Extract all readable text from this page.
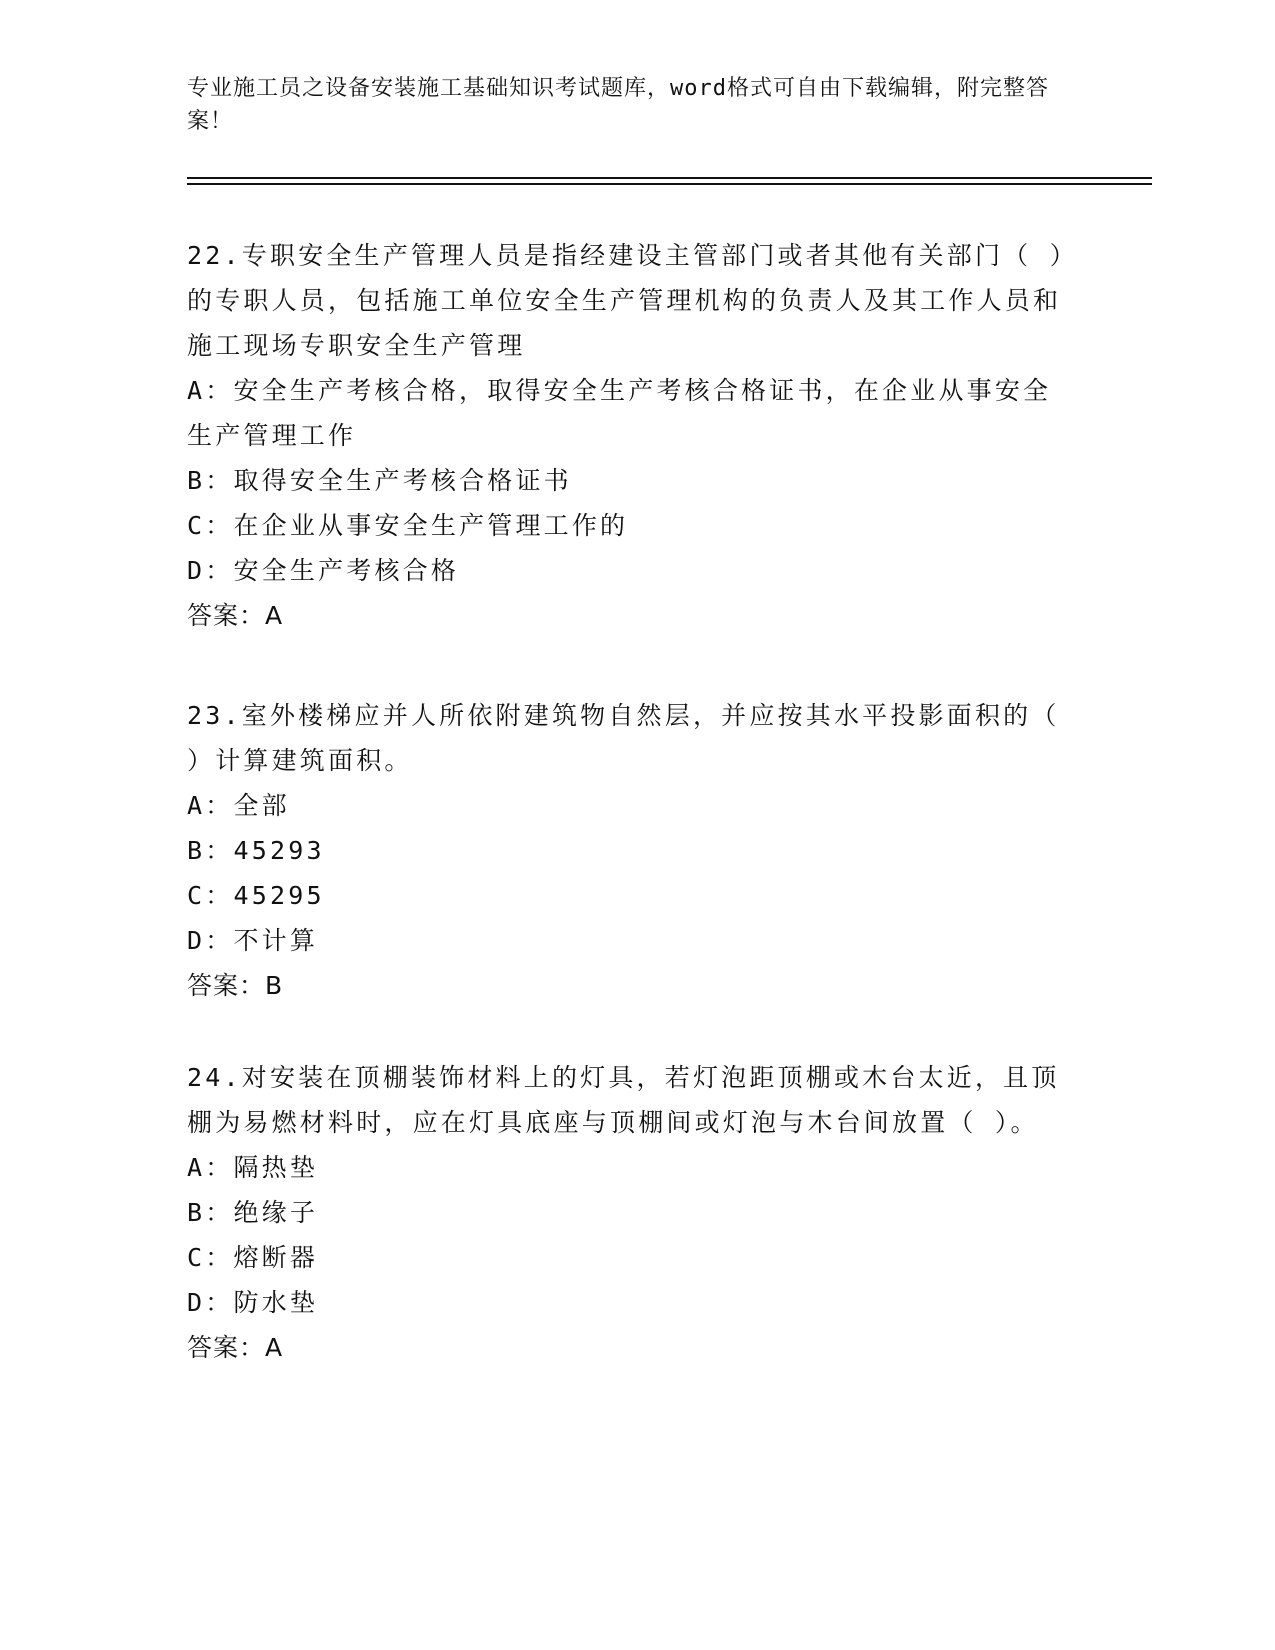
专业施工员之设备安装施工基础知识考试题库，word格式可自由下载编辑，附完整答案！
22.专职安全生产管理人员是指经建设主管部门或者其他有关部门（ ）的专职人员，包括施工单位安全生产管理机构的负责人及其工作人员和施工现场专职安全生产管理
A：安全生产考核合格，取得安全生产考核合格证书，在企业从事安全生产管理工作
B：取得安全生产考核合格证书
C：在企业从事安全生产管理工作的
D：安全生产考核合格
答案：A
23.室外楼梯应并人所依附建筑物自然层，并应按其水平投影面积的（ ）计算建筑面积。
A：全部
B：45293
C：45295
D：不计算
答案：B
24.对安装在顶棚装饰材料上的灯具，若灯泡距顶棚或木台太近，且顶棚为易燃材料时，应在灯具底座与顶棚间或灯泡与木台间放置（ ）。
A：隔热垫
B：绝缘子
C：熔断器
D：防水垫
答案：A
